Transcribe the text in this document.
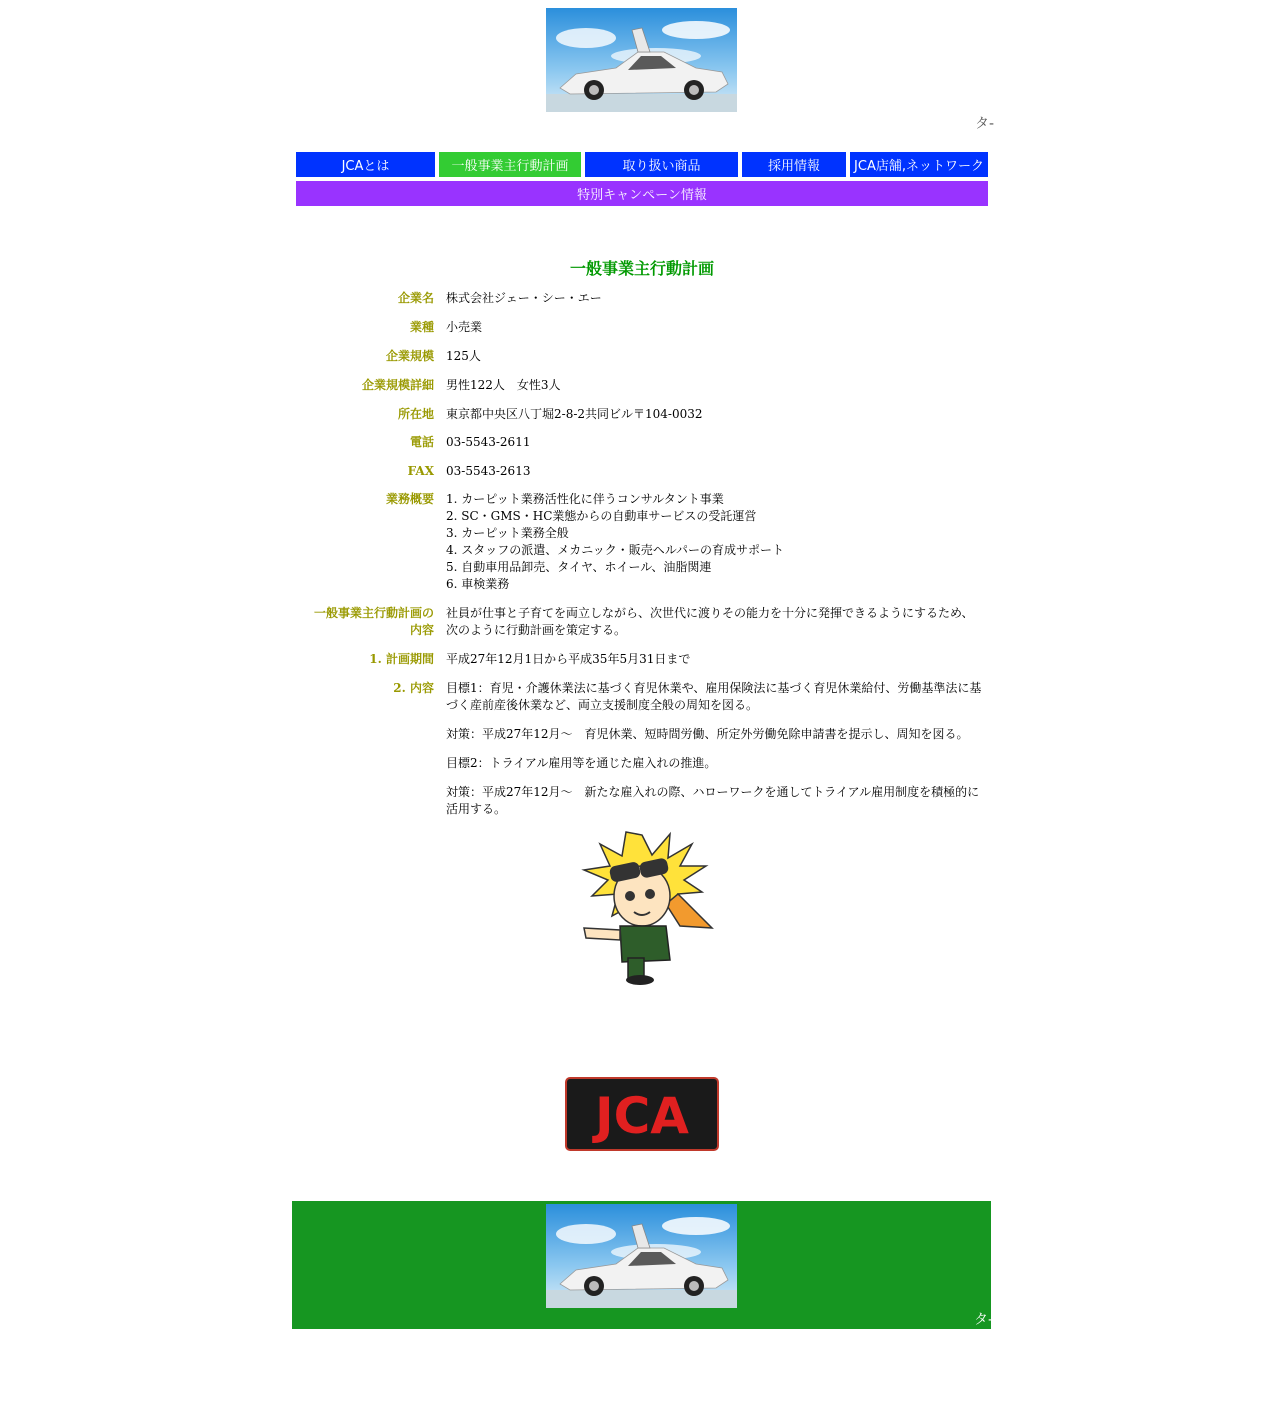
タ-
JCAとは	一般事業主行動計画	取り扱い商品	採用情報	JCA店舗,ネットワーク
特別キャンペーン情報
一般事業主行動計画
企業名 株式会社ジェー・シー・エー
業種 小売業
企業規模 125人
企業規模詳細 男性122人　女性3人
所在地 東京都中央区八丁堀2-8-2共同ビル〒104-0032
電話 03-5543-2611
FAX 03-5543-2613
業務概要 1. カーピット業務活性化に伴うコンサルタント事業

2. SC・GMS・HC業態からの自動車サービスの受託運営

3. カーピット業務全般

4. スタッフの派遣、メカニック・販売ヘルパーの育成サポート

5. 自動車用品卸売、タイヤ、ホイール、油脂関連

6. 車検業務

一般事業主行動計画の

内容

社員が仕事と子育てを両立しながら、次世代に渡りその能力を十分に発揮できるようにするため、

次のように行動計画を策定する。

1. 計画期間 平成27年12月1日から平成35年5月31日まで
2. 内容 目標1：育児・介護休業法に基づく育児休業や、雇用保険法に基づく育児休業給付、労働基準法に基

づく産前産後休業など、両立支援制度全般の周知を図る。

対策：平成27年12月～　育児休業、短時間労働、所定外労働免除申請書を提示し、周知を図る。

目標2：トライアル雇用等を通じた雇入れの推進。

対策：平成27年12月～　新たな雇入れの際、ハローワークを通してトライアル雇用制度を積極的に

活用する。

JCA
タ-
